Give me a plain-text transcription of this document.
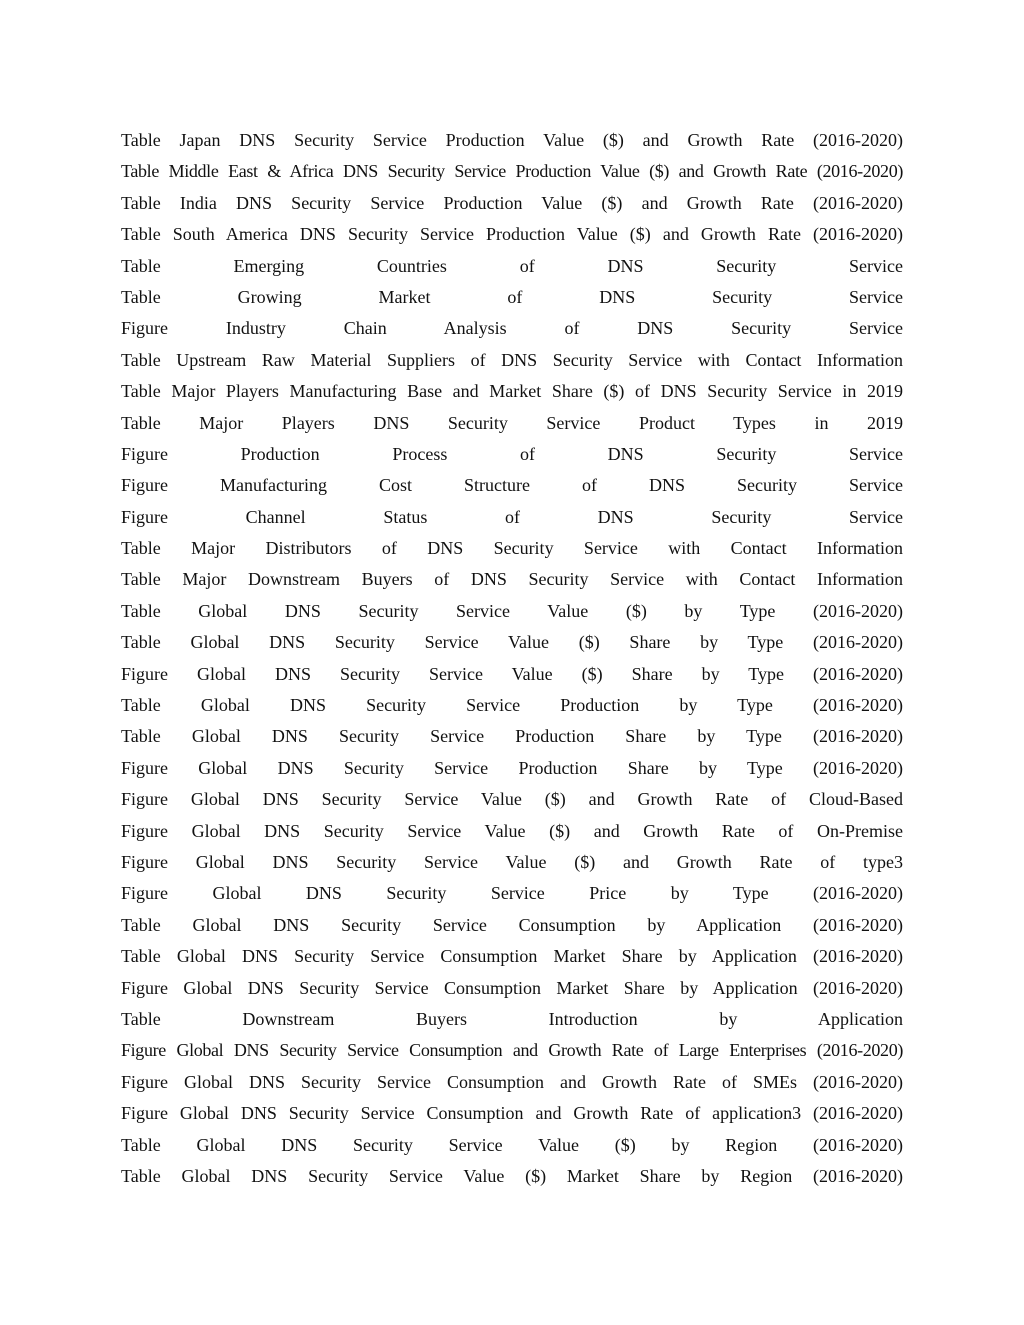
Table Japan DNS Security Service Production Value ($) and Growth Rate (2016-2020)
Table Middle East & Africa DNS Security Service Production Value ($) and Growth Rate (2016-2020)
Table India DNS Security Service Production Value ($) and Growth Rate (2016-2020)
Table South America DNS Security Service Production Value ($) and Growth Rate (2016-2020)
Table Emerging Countries of DNS Security Service
Table Growing Market of DNS Security Service
Figure Industry Chain Analysis of DNS Security Service
Table Upstream Raw Material Suppliers of DNS Security Service with Contact Information
Table Major Players Manufacturing Base and Market Share ($) of DNS Security Service in 2019
Table Major Players DNS Security Service Product Types in 2019
Figure Production Process of DNS Security Service
Figure Manufacturing Cost Structure of DNS Security Service
Figure Channel Status of DNS Security Service
Table Major Distributors of DNS Security Service with Contact Information
Table Major Downstream Buyers of DNS Security Service with Contact Information
Table Global DNS Security Service Value ($) by Type (2016-2020)
Table Global DNS Security Service Value ($) Share by Type (2016-2020)
Figure Global DNS Security Service Value ($) Share by Type (2016-2020)
Table Global DNS Security Service Production by Type (2016-2020)
Table Global DNS Security Service Production Share by Type (2016-2020)
Figure Global DNS Security Service Production Share by Type (2016-2020)
Figure Global DNS Security Service Value ($) and Growth Rate of Cloud-Based
Figure Global DNS Security Service Value ($) and Growth Rate of On-Premise
Figure Global DNS Security Service Value ($) and Growth Rate of type3
Figure Global DNS Security Service Price by Type (2016-2020)
Table Global DNS Security Service Consumption by Application (2016-2020)
Table Global DNS Security Service Consumption Market Share by Application (2016-2020)
Figure Global DNS Security Service Consumption Market Share by Application (2016-2020)
Table Downstream Buyers Introduction by Application
Figure Global DNS Security Service Consumption and Growth Rate of Large Enterprises (2016-2020)
Figure Global DNS Security Service Consumption and Growth Rate of SMEs (2016-2020)
Figure Global DNS Security Service Consumption and Growth Rate of application3 (2016-2020)
Table Global DNS Security Service Value ($) by Region (2016-2020)
Table Global DNS Security Service Value ($) Market Share by Region (2016-2020)
